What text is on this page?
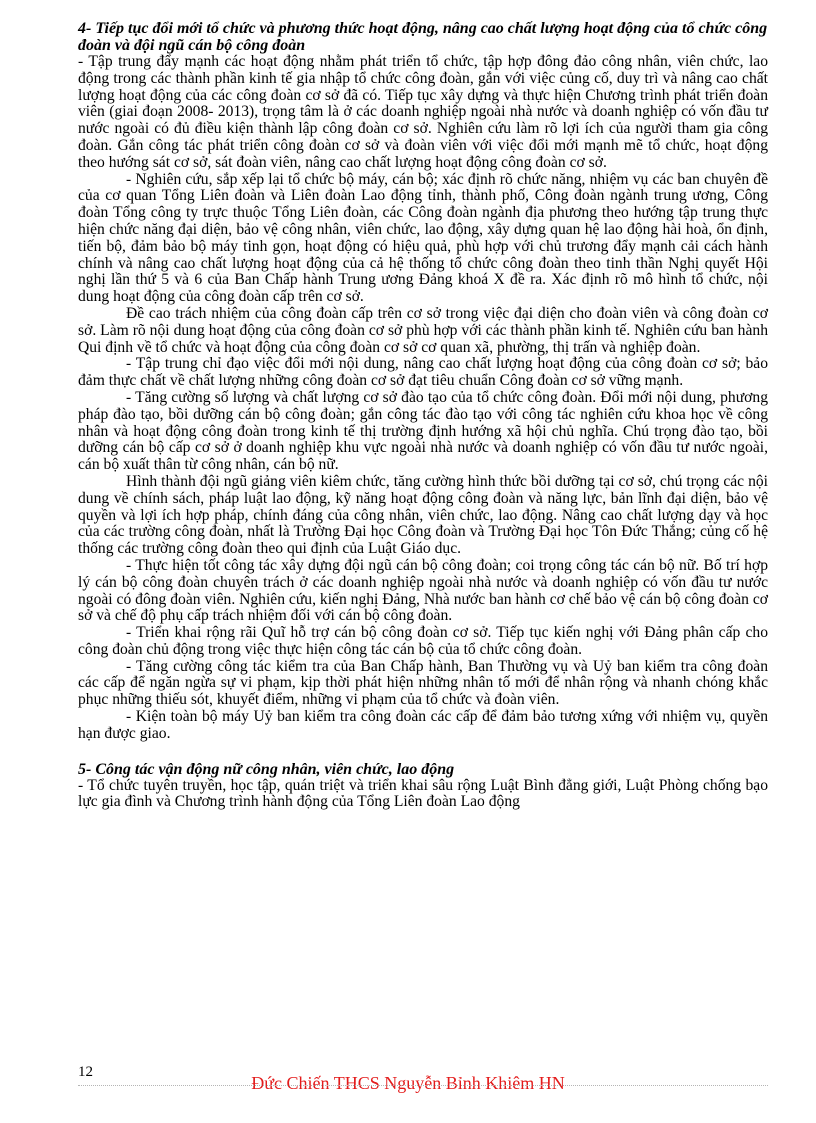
4- Tiếp tục đổi mới tổ chức và phương thức hoạt động, nâng cao chất lượng hoạt động của tổ chức công đoàn và đội ngũ cán bộ công đoàn

- Tập trung đẩy mạnh các hoạt động nhằm phát triển tổ chức, tập hợp đông đảo công nhân, viên chức, lao động trong các thành phần kinh tế gia nhập tổ chức công đoàn, gắn với việc củng cố, duy trì và nâng cao chất lượng hoạt động của các công đoàn cơ sở đã có. Tiếp tục xây dựng và thực hiện Chương trình phát triển đoàn viên (giai đoạn 2008- 2013), trọng tâm là ở các doanh nghiệp ngoài nhà nước và doanh nghiệp có vốn đầu tư nước ngoài có đủ điều kiện thành lập công đoàn cơ sở. Nghiên cứu làm rõ lợi ích của người tham gia công đoàn. Gắn công tác phát triển công đoàn cơ sở và đoàn viên với việc đổi mới mạnh mẽ tổ chức, hoạt động theo hướng sát cơ sở, sát đoàn viên, nâng cao chất lượng hoạt động công đoàn cơ sở.

- Nghiên cứu, sắp xếp lại tổ chức bộ máy, cán bộ; xác định rõ chức năng, nhiệm vụ các ban chuyên đề của cơ quan Tổng Liên đoàn và Liên đoàn Lao động tỉnh, thành phố, Công đoàn ngành trung ương, Công đoàn Tổng công ty trực thuộc Tổng Liên đoàn, các Công đoàn ngành địa phương theo hướng tập trung thực hiện chức năng đại diện, bảo vệ công nhân, viên chức, lao động, xây dựng quan hệ lao động hài hoà, ổn định, tiến bộ, đảm bảo bộ máy tinh gọn, hoạt động có hiệu quả, phù hợp với chủ trương đẩy mạnh cải cách hành chính và nâng cao chất lượng hoạt động của cả hệ thống tổ chức công đoàn theo tinh thần Nghị quyết Hội nghị lần thứ 5 và 6 của Ban Chấp hành Trung ương Đảng khoá X đề ra. Xác định rõ mô hình tổ chức, nội dung hoạt động của công đoàn cấp trên cơ sở.

Đề cao trách nhiệm của công đoàn cấp trên cơ sở trong việc đại diện cho đoàn viên và công đoàn cơ sở. Làm rõ nội dung hoạt động của công đoàn cơ sở phù hợp với các thành phần kinh tế. Nghiên cứu ban hành Qui định về tổ chức và hoạt động của công đoàn cơ sở cơ quan xã, phường, thị trấn và nghiệp đoàn.

- Tập trung chỉ đạo việc đổi mới nội dung, nâng cao chất lượng hoạt động của công đoàn cơ sở; bảo đảm thực chất về chất lượng những công đoàn cơ sở đạt tiêu chuẩn Công đoàn cơ sở vững mạnh.

- Tăng cường số lượng và chất lượng cơ sở đào tạo của tổ chức công đoàn. Đổi mới nội dung, phương pháp đào tạo, bồi dưỡng cán bộ công đoàn; gắn công tác đào tạo với công tác nghiên cứu khoa học về công nhân và hoạt động công đoàn trong kinh tế thị trường định hướng xã hội chủ nghĩa. Chú trọng đào tạo, bồi dưỡng cán bộ cấp cơ sở ở doanh nghiệp khu vực ngoài nhà nước và doanh nghiệp có vốn đầu tư nước ngoài, cán bộ xuất thân từ công nhân, cán bộ nữ.

Hình thành đội ngũ giảng viên kiêm chức, tăng cường hình thức bồi dưỡng tại cơ sở, chú trọng các nội dung về chính sách, pháp luật lao động, kỹ năng hoạt động công đoàn và năng lực, bản lĩnh đại diện, bảo vệ quyền và lợi ích hợp pháp, chính đáng của công nhân, viên chức, lao động. Nâng cao chất lượng dạy và học của các trường công đoàn, nhất là Trường Đại học Công đoàn và Trường Đại học Tôn Đức Thắng; củng cố hệ thống các trường công đoàn theo qui định của Luật Giáo dục.

- Thực hiện tốt công tác xây dựng đội ngũ cán bộ công đoàn; coi trọng công tác cán bộ nữ. Bố trí hợp lý cán bộ công đoàn chuyên trách ở các doanh nghiệp ngoài nhà nước và doanh nghiệp có vốn đầu tư nước ngoài có đông đoàn viên. Nghiên cứu, kiến nghị Đảng, Nhà nước ban hành cơ chế bảo vệ cán bộ công đoàn cơ sở và chế độ phụ cấp trách nhiệm đối với cán bộ công đoàn.

- Triển khai rộng rãi Quĩ hỗ trợ cán bộ công đoàn cơ sở. Tiếp tục kiến nghị với Đảng phân cấp cho công đoàn chủ động trong việc thực hiện công tác cán bộ của tổ chức công đoàn.

- Tăng cường công tác kiểm tra của Ban Chấp hành, Ban Thường vụ và Uỷ ban kiểm tra công đoàn các cấp để ngăn ngừa sự vi phạm, kịp thời phát hiện những nhân tố mới để nhân rộng và nhanh chóng khắc phục những thiếu sót, khuyết điểm, những vi phạm của tổ chức và đoàn viên.

- Kiện toàn bộ máy Uỷ ban kiểm tra công đoàn các cấp để đảm bảo tương xứng với nhiệm vụ, quyền hạn được giao.

5- Công tác vận động nữ công nhân, viên chức, lao động

- Tổ chức tuyên truyền, học tập, quán triệt và triển khai sâu rộng Luật Bình đẳng giới, Luật Phòng chống bạo lực gia đình và Chương trình hành động của Tổng Liên đoàn Lao động

12
Đức Chiến THCS Nguyễn Bỉnh Khiêm HN
